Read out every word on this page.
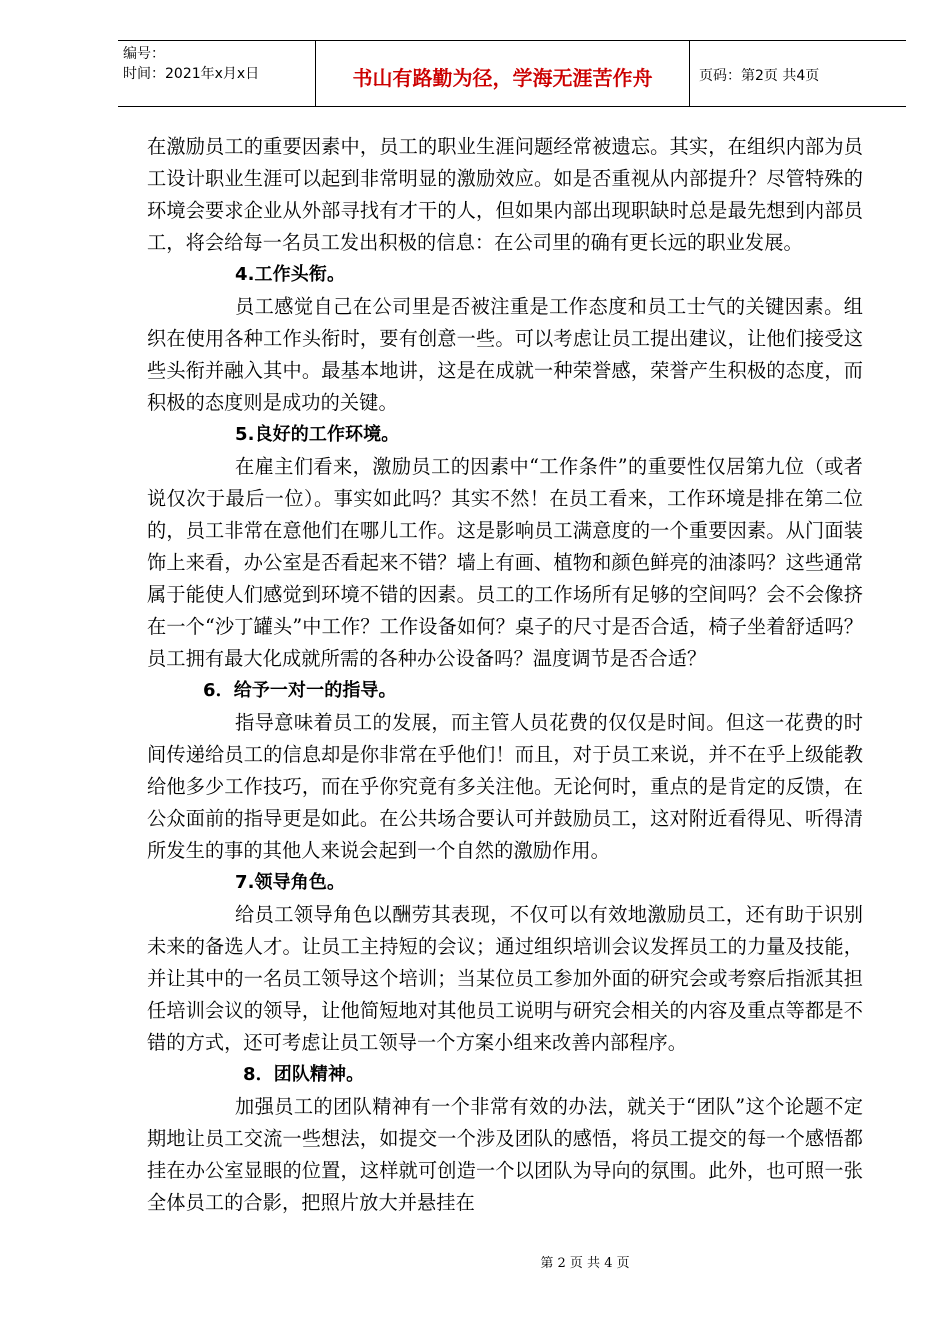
编号：
时间：2021年x月x日	书山有路勤为径，学海无涯苦作舟	页码：第2页 共4页

在激励员工的重要因素中，员工的职业生涯问题经常被遗忘。其实，在组织内部为员工设计职业生涯可以起到非常明显的激励效应。如是否重视从内部提升？尽管特殊的环境会要求企业从外部寻找有才干的人，但如果内部出现职缺时总是最先想到内部员工，将会给每一名员工发出积极的信息：在公司里的确有更长远的职业发展。

4.工作头衔。

员工感觉自己在公司里是否被注重是工作态度和员工士气的关键因素。组织在使用各种工作头衔时，要有创意一些。可以考虑让员工提出建议，让他们接受这些头衔并融入其中。最基本地讲，这是在成就一种荣誉感，荣誉产生积极的态度，而积极的态度则是成功的关键。

5.良好的工作环境。

在雇主们看来，激励员工的因素中“工作条件”的重要性仅居第九位（或者说仅次于最后一位）。事实如此吗？其实不然！在员工看来，工作环境是排在第二位的，员工非常在意他们在哪儿工作。这是影响员工满意度的一个重要因素。从门面装饰上来看，办公室是否看起来不错？墙上有画、植物和颜色鲜亮的油漆吗？这些通常属于能使人们感觉到环境不错的因素。员工的工作场所有足够的空间吗？会不会像挤在一个“沙丁罐头”中工作？工作设备如何？桌子的尺寸是否合适，椅子坐着舒适吗？员工拥有最大化成就所需的各种办公设备吗？温度调节是否合适？

6．给予一对一的指导。

指导意味着员工的发展，而主管人员花费的仅仅是时间。但这一花费的时间传递给员工的信息却是你非常在乎他们！而且，对于员工来说，并不在乎上级能教给他多少工作技巧，而在乎你究竟有多关注他。无论何时，重点的是肯定的反馈，在公众面前的指导更是如此。在公共场合要认可并鼓励员工，这对附近看得见、听得清所发生的事的其他人来说会起到一个自然的激励作用。

7.领导角色。

给员工领导角色以酬劳其表现，不仅可以有效地激励员工，还有助于识别未来的备选人才。让员工主持短的会议；通过组织培训会议发挥员工的力量及技能，并让其中的一名员工领导这个培训；当某位员工参加外面的研究会或考察后指派其担任培训会议的领导，让他简短地对其他员工说明与研究会相关的内容及重点等都是不错的方式，还可考虑让员工领导一个方案小组来改善内部程序。

8．团队精神。

加强员工的团队精神有一个非常有效的办法，就关于“团队”这个论题不定期地让员工交流一些想法，如提交一个涉及团队的感悟，将员工提交的每一个感悟都挂在办公室显眼的位置，这样就可创造一个以团队为导向的氛围。此外，也可照一张全体员工的合影，把照片放大并悬挂在

第 2 页 共 4 页
